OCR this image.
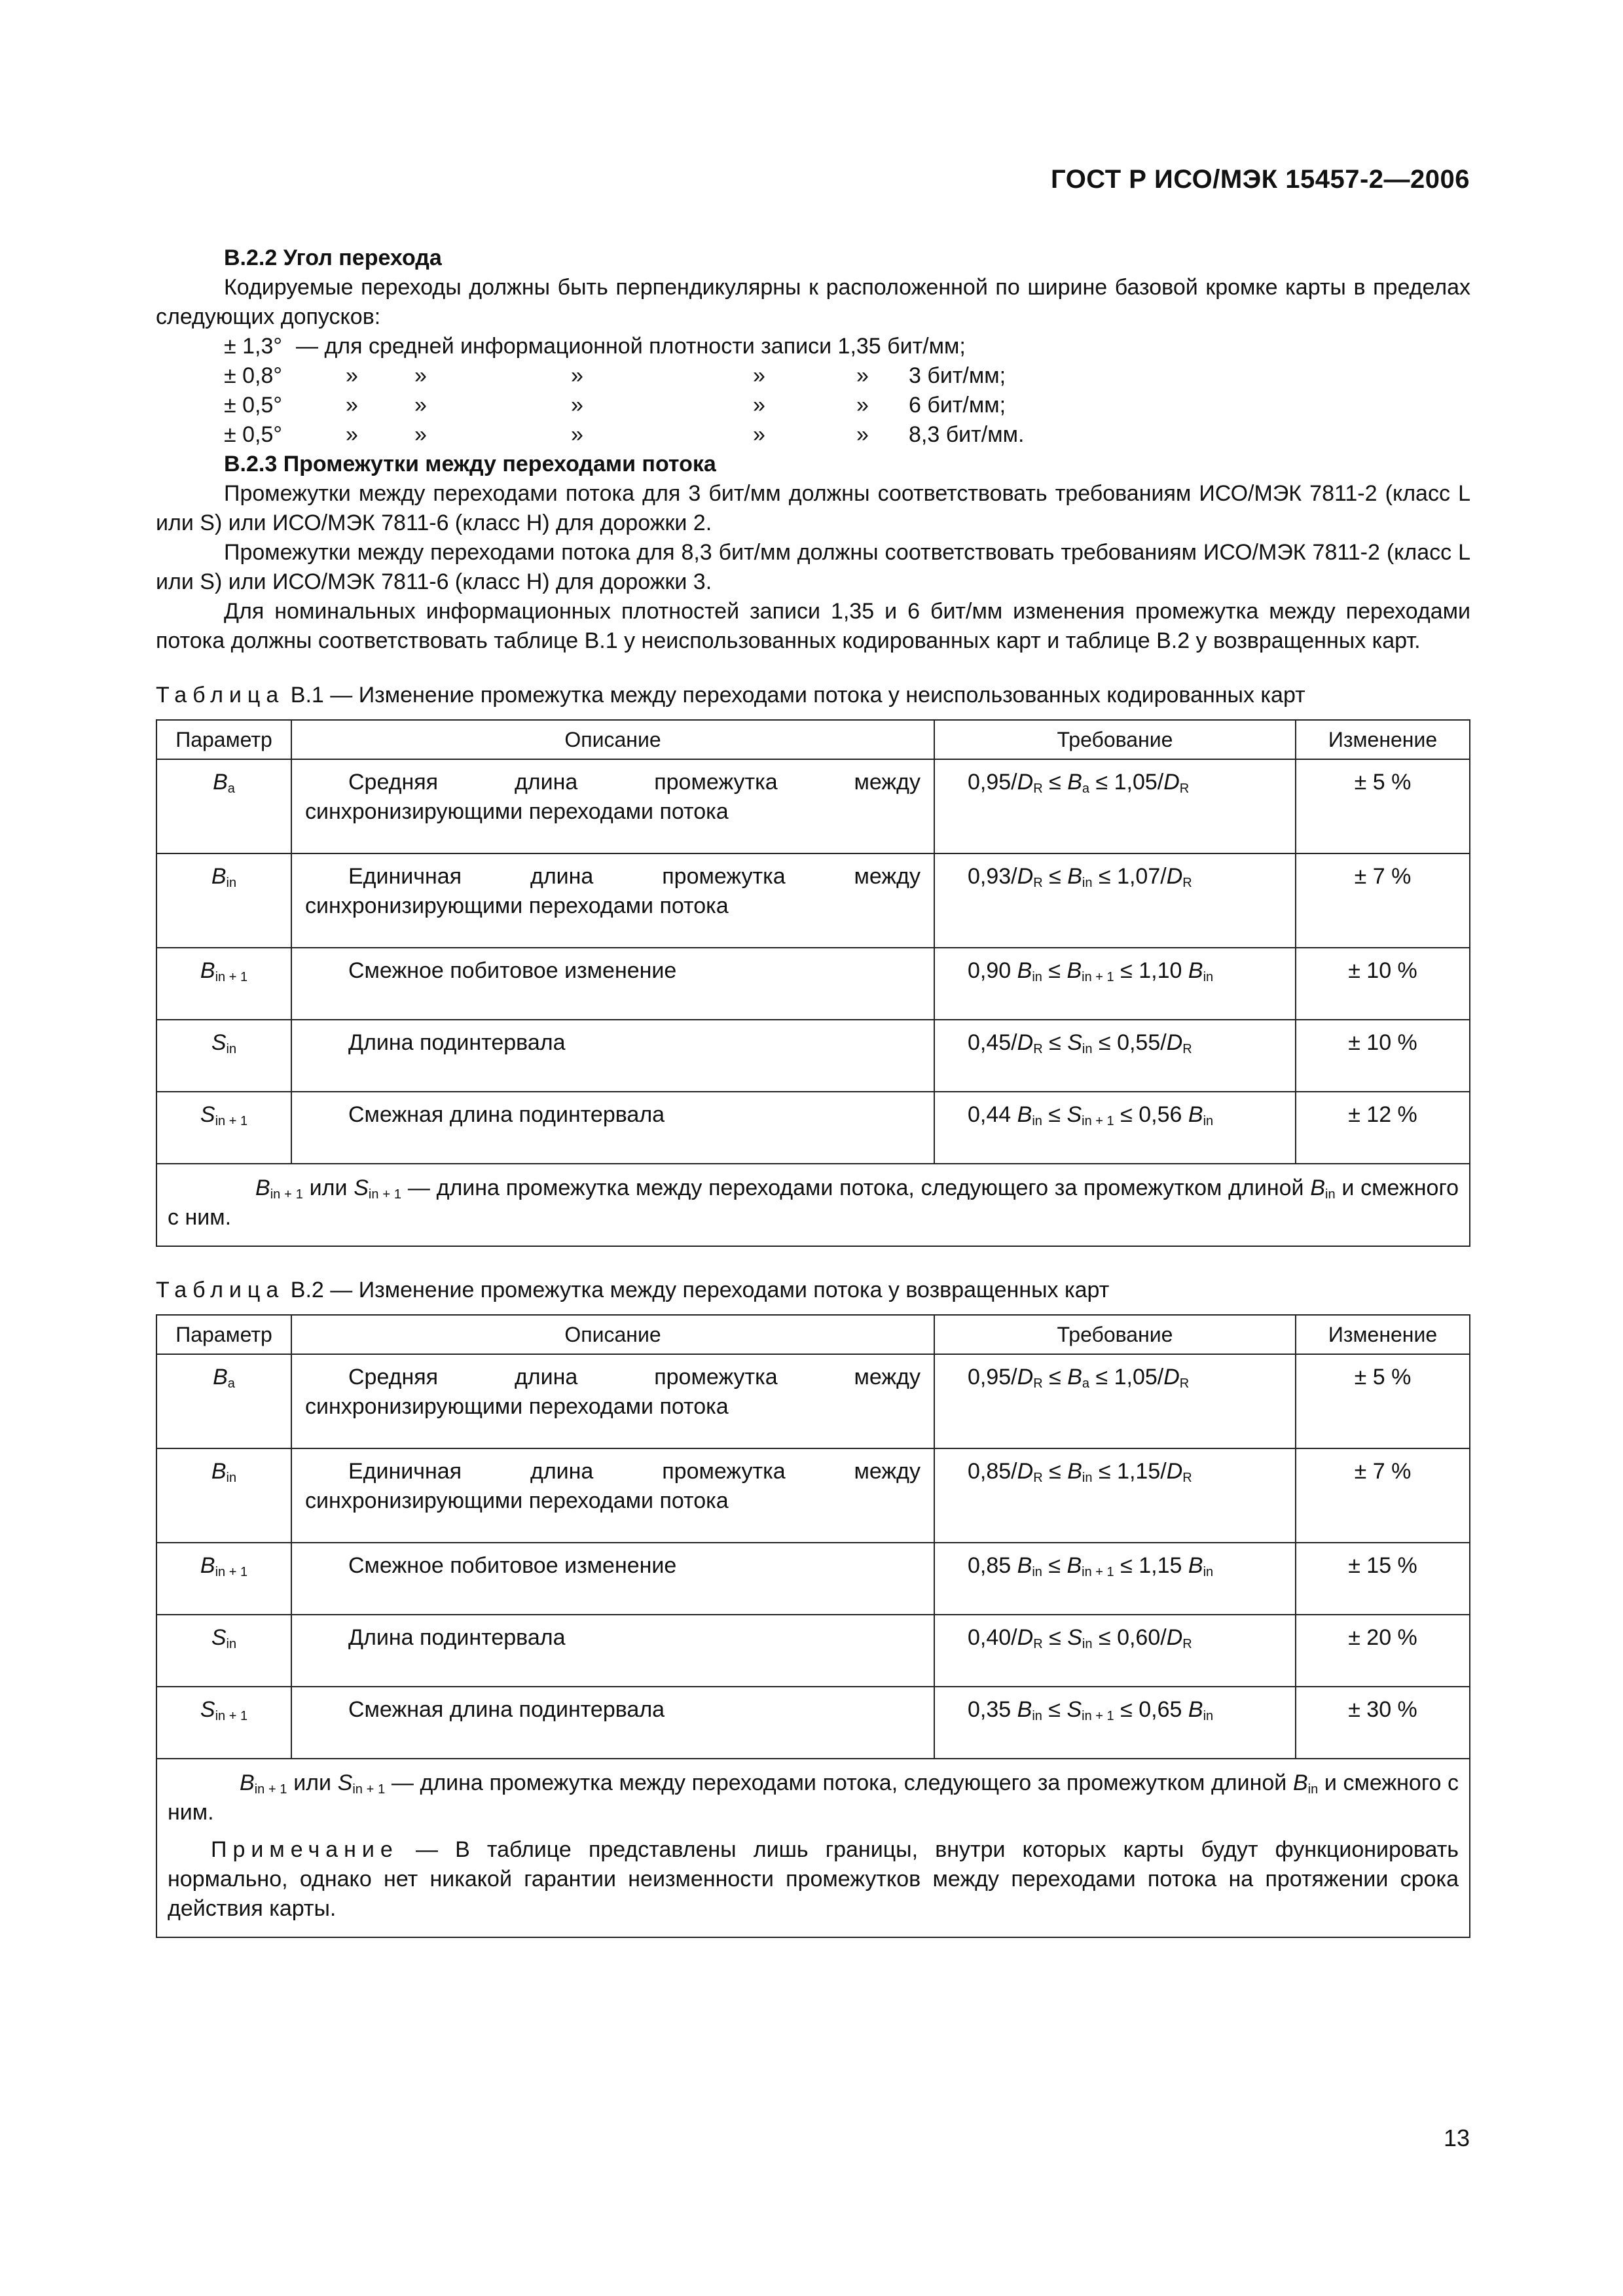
ГОСТ Р ИСО/МЭК 15457-2—2006

В.2.2 Угол перехода

Кодируемые переходы должны быть перпендикулярны к расположенной по ширине базовой кромке карты в пределах следующих допусков:

± 1,3° — для средней информационной плотности записи 1,35 бит/мм;
± 0,8°	»	»	»	»	» 3 бит/мм;
± 0,5°	»	»	»	»	» 6 бит/мм;
± 0,5°	»	»	»	»	» 8,3 бит/мм.

В.2.3 Промежутки между переходами потока

Промежутки между переходами потока для 3 бит/мм должны соответствовать требованиям ИСО/МЭК 7811-2 (класс L или S) или ИСО/МЭК 7811-6 (класс Н) для дорожки 2.

Промежутки между переходами потока для 8,3 бит/мм должны соответствовать требованиям ИСО/МЭК 7811-2 (класс L или S) или ИСО/МЭК 7811-6 (класс Н) для дорожки 3.

Для номинальных информационных плотностей записи 1,35 и 6 бит/мм изменения промежутка между переходами потока должны соответствовать таблице В.1 у неиспользованных кодированных карт и таблице В.2 у возвращенных карт.

Таблица В.1 — Изменение промежутка между переходами потока у неиспользованных кодированных карт
Параметр	Описание	Требование	Изменение
$B_a$	Средняя длина промежутка между синхронизирующими переходами потока	$0,95/D_R \le B_a \le 1,05/D_R$	± 5 %
$B_{in}$	Единичная длина промежутка между синхронизирующими переходами потока	$0,93/D_R \le B_{in} \le 1,07/D_R$	± 7 %
$B_{in + 1}$	Смежное побитовое изменение	0,90 $B_{in} \le B_{in + 1} \le 1,10$ $B_{in}$	± 10 %
$S_{in}$	Длина подинтервала	$0,45/D_R \le S_{in} \le 0,55/D_R$	± 10 %
$S_{in + 1}$	Смежная длина подинтервала	0,44 $B_{in} \le S_{in + 1} \le 0,56$ $B_{in}$	± 12 %
$B_{in + 1}$ или $S_{in + 1}$ — длина промежутка между переходами потока, следующего за промежутком длиной $B_{in}$ и смежного с ним.			
Таблица В.2 — Изменение промежутка между переходами потока у возвращенных карт
Параметр	Описание	Требование	Изменение
$B_a$	Средняя длина промежутка между синхронизирующими переходами потока	$0,95/D_R \le B_a \le 1,05/D_R$	± 5 %
$B_{in}$	Единичная длина промежутка между синхронизирующими переходами потока	$0,85/D_R \le B_{in} \le 1,15/D_R$	± 7 %
$B_{in + 1}$	Смежное побитовое изменение	0,85 $B_{in} \le B_{in + 1} \le 1,15$ $B_{in}$	± 15 %
$S_{in}$	Длина подинтервала	$0,40/D_R \le S_{in} \le 0,60/D_R$	± 20 %
$S_{in + 1}$	Смежная длина подинтервала	0,35 $B_{in} \le S_{in + 1} \le 0,65$ $B_{in}$	± 30 %

$B_{in + 1}$ или $S_{in + 1}$ — длина промежутка между переходами потока, следующего за промежутком длиной $B_{in}$ и смежного с ним.
Примечание — В таблице представлены лишь границы, внутри которых карты будут функционировать нормально, однако нет никакой гарантии неизменности промежутков между переходами потока на протяжении срока действия карты.			
13
